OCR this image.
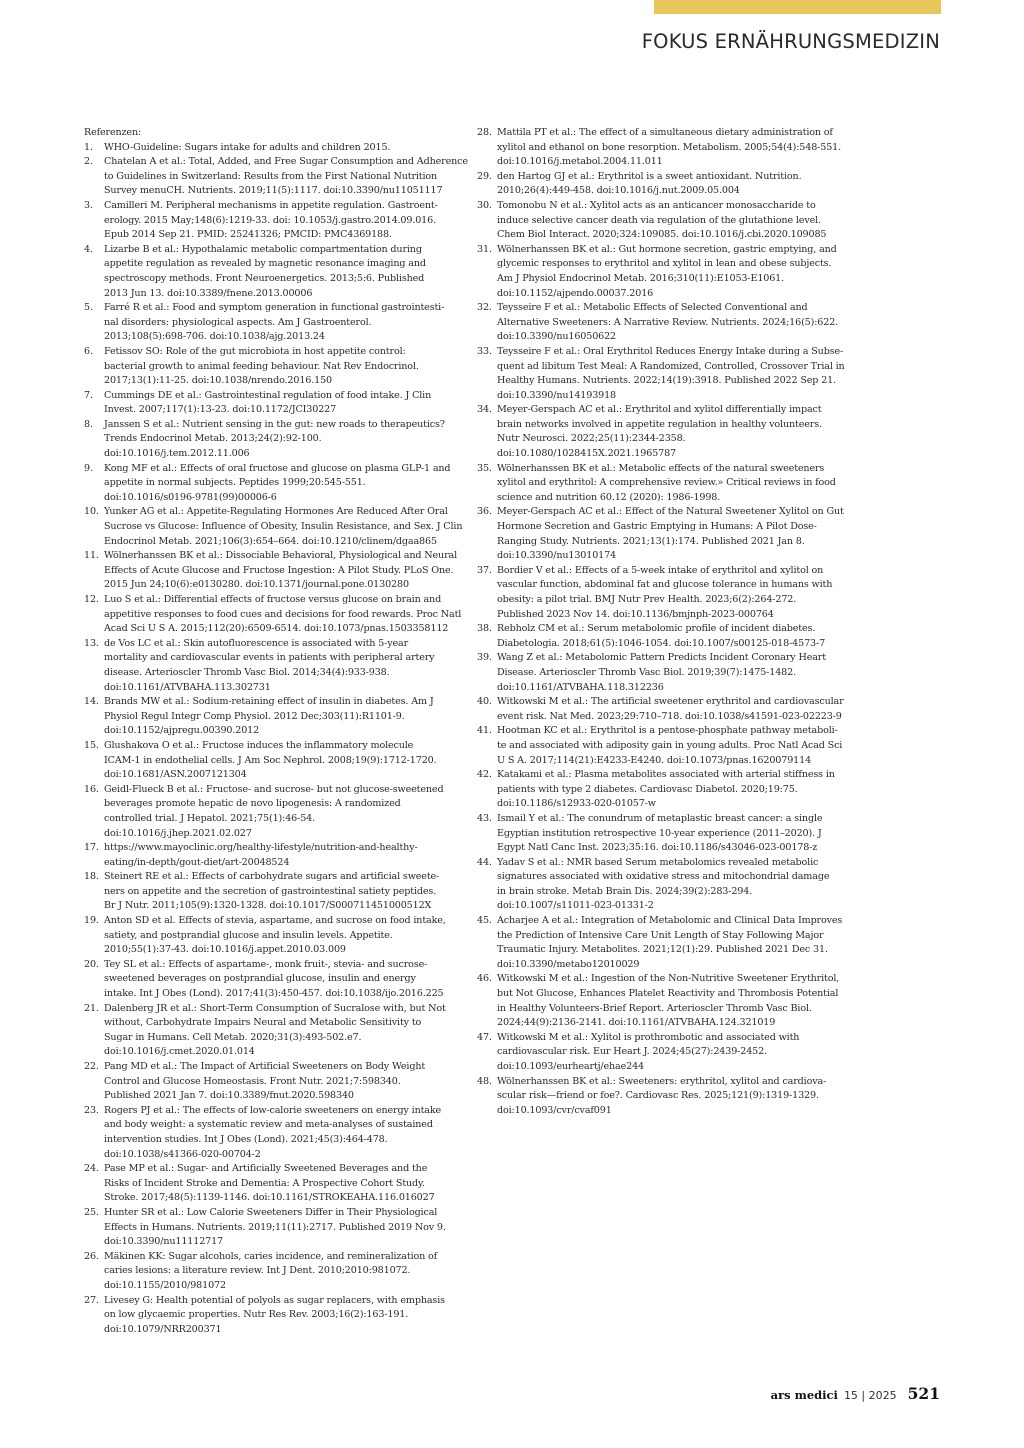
FOKUS ERNÄHRUNGSMEDIZIN
Referenzen:
1.	WHO-Guideline: Sugars intake for adults and children 2015.
2.	Chatelan A et al.: Total, Added, and Free Sugar Consumption and Adherence
to Guidelines in Switzerland: Results from the First National Nutrition
Survey menuCH. Nutrients. 2019;11(5):1117. doi:10.3390/nu11051117
3.	Camilleri M. Peripheral mechanisms in appetite regulation. Gastroent-
erology. 2015 May;148(6):1219-33. doi: 10.1053/j.gastro.2014.09.016.
Epub 2014 Sep 21. PMID: 25241326; PMCID: PMC4369188.
4.	Lizarbe B et al.: Hypothalamic metabolic compartmentation during
appetite regulation as revealed by magnetic resonance imaging and
spectroscopy methods. Front Neuroenergetics. 2013;5:6. Published
2013 Jun 13. doi:10.3389/fnene.2013.00006
5.	Farré R et al.: Food and symptom generation in functional gastrointesti-
nal disorders: physiological aspects. Am J Gastroenterol.
2013;108(5):698-706. doi:10.1038/ajg.2013.24
6.	Fetissov SO: Role of the gut microbiota in host appetite control:
bacterial growth to animal feeding behaviour. Nat Rev Endocrinol.
2017;13(1):11-25. doi:10.1038/nrendo.2016.150
7.	Cummings DE et al.: Gastrointestinal regulation of food intake. J Clin
Invest. 2007;117(1):13-23. doi:10.1172/JCI30227
8.	Janssen S et al.: Nutrient sensing in the gut: new roads to therapeutics?
Trends Endocrinol Metab. 2013;24(2):92-100.
doi:10.1016/j.tem.2012.11.006
9.	Kong MF et al.: Effects of oral fructose and glucose on plasma GLP-1 and
appetite in normal subjects. Peptides 1999;20:545-551.
doi:10.1016/s0196-9781(99)00006-6
10. Yunker AG et al.: Appetite-Regulating Hormones Are Reduced After Oral
Sucrose vs Glucose: Influence of Obesity, Insulin Resistance, and Sex. J Clin
Endocrinol Metab. 2021;106(3):654–664. doi:10.1210/clinem/dgaa865
11. Wölnerhanssen BK et al.: Dissociable Behavioral, Physiological and Neural
Effects of Acute Glucose and Fructose Ingestion: A Pilot Study. PLoS One.
2015 Jun 24;10(6):e0130280. doi:10.1371/journal.pone.0130280
12. Luo S et al.: Differential effects of fructose versus glucose on brain and
appetitive responses to food cues and decisions for food rewards. Proc Natl
Acad Sci U S A. 2015;112(20):6509-6514. doi:10.1073/pnas.1503358112
13. de Vos LC et al.: Skin autofluorescence is associated with 5-year
mortality and cardiovascular events in patients with peripheral artery
disease. Arterioscler Thromb Vasc Biol. 2014;34(4):933-938.
doi:10.1161/ATVBAHA.113.302731
14. Brands MW et al.: Sodium-retaining effect of insulin in diabetes. Am J
Physiol Regul Integr Comp Physiol. 2012 Dec;303(11):R1101-9.
doi:10.1152/ajpregu.00390.2012
15. Glushakova O et al.: Fructose induces the inflammatory molecule
ICAM-1 in endothelial cells. J Am Soc Nephrol. 2008;19(9):1712-1720.
doi:10.1681/ASN.2007121304
16. Geidl-Flueck B et al.: Fructose- and sucrose- but not glucose-sweetened
beverages promote hepatic de novo lipogenesis: A randomized
controlled trial. J Hepatol. 2021;75(1):46-54.
doi:10.1016/j.jhep.2021.02.027
17. https://www.mayoclinic.org/healthy-lifestyle/nutrition-and-healthy-
eating/in-depth/gout-diet/art-20048524
18. Steinert RE et al.: Effects of carbohydrate sugars and artificial sweete-
ners on appetite and the secretion of gastrointestinal satiety peptides.
Br J Nutr. 2011;105(9):1320-1328. doi:10.1017/S000711451000512X
19. Anton SD et al. Effects of stevia, aspartame, and sucrose on food intake,
satiety, and postprandial glucose and insulin levels. Appetite.
2010;55(1):37-43. doi:10.1016/j.appet.2010.03.009
20. Tey SL et al.: Effects of aspartame-, monk fruit-, stevia- and sucrose-
sweetened beverages on postprandial glucose, insulin and energy
intake. Int J Obes (Lond). 2017;41(3):450-457. doi:10.1038/ijo.2016.225
21. Dalenberg JR et al.: Short-Term Consumption of Sucralose with, but Not
without, Carbohydrate Impairs Neural and Metabolic Sensitivity to
Sugar in Humans. Cell Metab. 2020;31(3):493-502.e7.
doi:10.1016/j.cmet.2020.01.014
22. Pang MD et al.: The Impact of Artificial Sweeteners on Body Weight
Control and Glucose Homeostasis. Front Nutr. 2021;7:598340.
Published 2021 Jan 7. doi:10.3389/fnut.2020.598340
23. Rogers PJ et al.: The effects of low-calorie sweeteners on energy intake
and body weight: a systematic review and meta-analyses of sustained
intervention studies. Int J Obes (Lond). 2021;45(3):464-478.
doi:10.1038/s41366-020-00704-2
24. Pase MP et al.: Sugar- and Artificially Sweetened Beverages and the
Risks of Incident Stroke and Dementia: A Prospective Cohort Study.
Stroke. 2017;48(5):1139-1146. doi:10.1161/STROKEAHA.116.016027
25. Hunter SR et al.: Low Calorie Sweeteners Differ in Their Physiological
Effects in Humans. Nutrients. 2019;11(11):2717. Published 2019 Nov 9.
doi:10.3390/nu11112717
26. Mäkinen KK: Sugar alcohols, caries incidence, and remineralization of
caries lesions: a literature review. Int J Dent. 2010;2010:981072.
doi:10.1155/2010/981072
27. Livesey G: Health potential of polyols as sugar replacers, with emphasis
on low glycaemic properties. Nutr Res Rev. 2003;16(2):163-191.
doi:10.1079/NRR200371
28. Mattila PT et al.: The effect of a simultaneous dietary administration of
xylitol and ethanol on bone resorption. Metabolism. 2005;54(4):548-551.
doi:10.1016/j.metabol.2004.11.011
29. den Hartog GJ et al.: Erythritol is a sweet antioxidant. Nutrition.
2010;26(4):449-458. doi:10.1016/j.nut.2009.05.004
30. Tomonobu N et al.: Xylitol acts as an anticancer monosaccharide to
induce selective cancer death via regulation of the glutathione level.
Chem Biol Interact. 2020;324:109085. doi:10.1016/j.cbi.2020.109085
31. Wölnerhanssen BK et al.: Gut hormone secretion, gastric emptying, and
glycemic responses to erythritol and xylitol in lean and obese subjects.
Am J Physiol Endocrinol Metab. 2016;310(11):E1053-E1061.
doi:10.1152/ajpendo.00037.2016
32. Teysseire F et al.: Metabolic Effects of Selected Conventional and
Alternative Sweeteners: A Narrative Review. Nutrients. 2024;16(5):622.
doi:10.3390/nu16050622
33. Teysseire F et al.: Oral Erythritol Reduces Energy Intake during a Subse-
quent ad libitum Test Meal: A Randomized, Controlled, Crossover Trial in
Healthy Humans. Nutrients. 2022;14(19):3918. Published 2022 Sep 21.
doi:10.3390/nu14193918
34. Meyer-Gerspach AC et al.: Erythritol and xylitol differentially impact
brain networks involved in appetite regulation in healthy volunteers.
Nutr Neurosci. 2022;25(11):2344-2358.
doi:10.1080/1028415X.2021.1965787
35. Wölnerhanssen BK et al.: Metabolic effects of the natural sweeteners
xylitol and erythritol: A comprehensive review.» Critical reviews in food
science and nutrition 60.12 (2020): 1986-1998.
36. Meyer-Gerspach AC et al.: Effect of the Natural Sweetener Xylitol on Gut
Hormone Secretion and Gastric Emptying in Humans: A Pilot Dose-
Ranging Study. Nutrients. 2021;13(1):174. Published 2021 Jan 8.
doi:10.3390/nu13010174
37. Bordier V et al.: Effects of a 5-week intake of erythritol and xylitol on
vascular function, abdominal fat and glucose tolerance in humans with
obesity: a pilot trial. BMJ Nutr Prev Health. 2023;6(2):264-272.
Published 2023 Nov 14. doi:10.1136/bmjnph-2023-000764
38. Rebholz CM et al.: Serum metabolomic profile of incident diabetes.
Diabetologia. 2018;61(5):1046-1054. doi:10.1007/s00125-018-4573-7
39. Wang Z et al.: Metabolomic Pattern Predicts Incident Coronary Heart
Disease. Arterioscler Thromb Vasc Biol. 2019;39(7):1475-1482.
doi:10.1161/ATVBAHA.118.312236
40. Witkowski M et al.: The artificial sweetener erythritol and cardiovascular
event risk. Nat Med. 2023;29:710–718. doi:10.1038/s41591-023-02223-9
41. Hootman KC et al.: Erythritol is a pentose-phosphate pathway metaboli-
te and associated with adiposity gain in young adults. Proc Natl Acad Sci
U S A. 2017;114(21):E4233-E4240. doi:10.1073/pnas.1620079114
42. Katakami et al.: Plasma metabolites associated with arterial stiffness in
patients with type 2 diabetes. Cardiovasc Diabetol. 2020;19:75.
doi:10.1186/s12933-020-01057-w
43. Ismail Y et al.: The conundrum of metaplastic breast cancer: a single
Egyptian institution retrospective 10-year experience (2011–2020). J
Egypt Natl Canc Inst. 2023;35:16. doi:10.1186/s43046-023-00178-z
44. Yadav S et al.: NMR based Serum metabolomics revealed metabolic
signatures associated with oxidative stress and mitochondrial damage
in brain stroke. Metab Brain Dis. 2024;39(2):283-294.
doi:10.1007/s11011-023-01331-2
45. Acharjee A et al.: Integration of Metabolomic and Clinical Data Improves
the Prediction of Intensive Care Unit Length of Stay Following Major
Traumatic Injury. Metabolites. 2021;12(1):29. Published 2021 Dec 31.
doi:10.3390/metabo12010029
46. Witkowski M et al.: Ingestion of the Non-Nutritive Sweetener Erythritol,
but Not Glucose, Enhances Platelet Reactivity and Thrombosis Potential
in Healthy Volunteers-Brief Report. Arterioscler Thromb Vasc Biol.
2024;44(9):2136-2141. doi:10.1161/ATVBAHA.124.321019
47. Witkowski M et al.: Xylitol is prothrombotic and associated with
cardiovascular risk. Eur Heart J. 2024;45(27):2439-2452.
doi:10.1093/eurheartj/ehae244
48. Wölnerhanssen BK et al.: Sweeteners: erythritol, xylitol and cardiova-
scular risk—friend or foe?. Cardiovasc Res. 2025;121(9):1319-1329.
doi:10.1093/cvr/cvaf091
ars medici 15 | 2025 521
